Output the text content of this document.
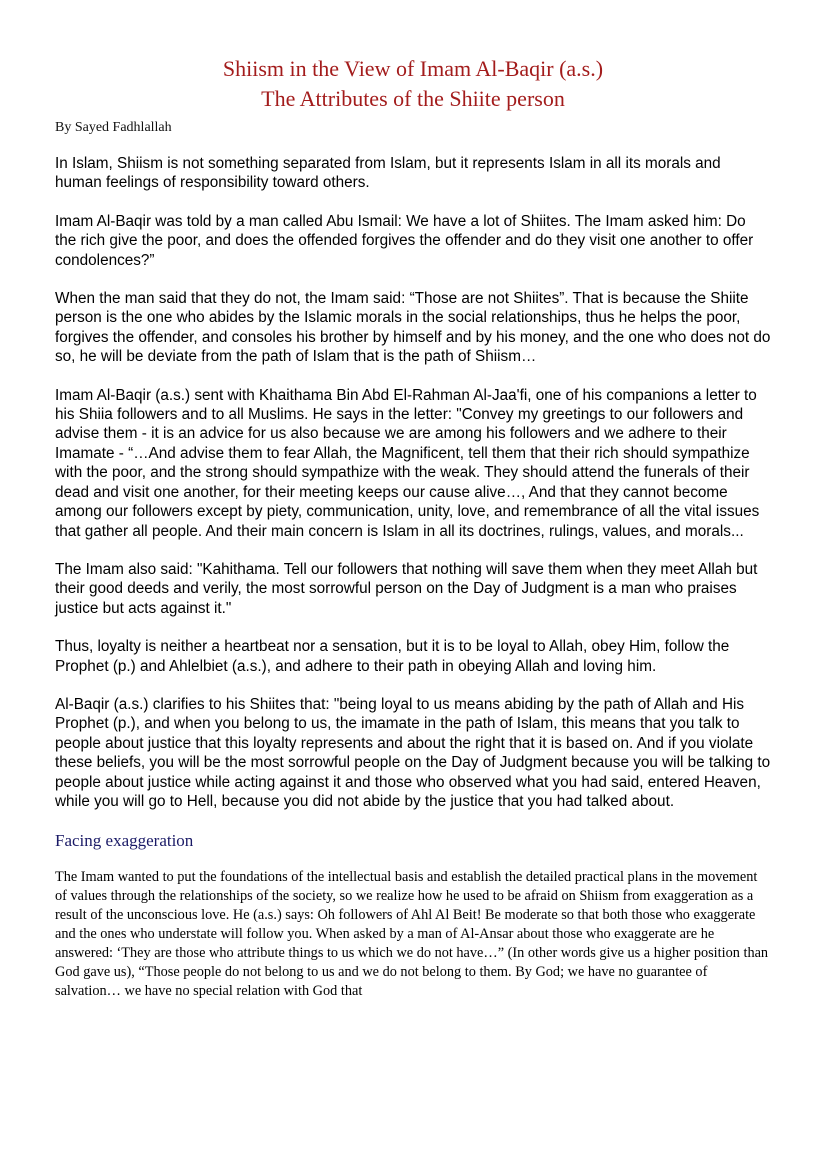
Shiism in the View of Imam Al-Baqir (a.s.)
The Attributes of the Shiite person
By Sayed Fadhlallah

In Islam, Shiism is not something separated from Islam, but it represents Islam in all its morals and human feelings of responsibility toward others.

Imam Al-Baqir was told by a man called Abu Ismail: We have a lot of Shiites. The Imam asked him: Do the rich give the poor, and does the offended forgives the offender and do they visit one another to offer condolences?”

When the man said that they do not, the Imam said: “Those are not Shiites”. That is because the Shiite person is the one who abides by the Islamic morals in the social relationships, thus he helps the poor, forgives the offender, and consoles his brother by himself and by his money, and the one who does not do so, he will be deviate from the path of Islam that is the path of Shiism…

Imam Al-Baqir (a.s.) sent with Khaithama Bin Abd El-Rahman Al-Jaa'fi, one of his companions a letter to his Shiia followers and to all Muslims. He says in the letter: "Convey my greetings to our followers and advise them - it is an advice for us also because we are among his followers and we adhere to their Imamate - “…And advise them to fear Allah, the Magnificent, tell them that their rich should sympathize with the poor, and the strong should sympathize with the weak. They should attend the funerals of their dead and visit one another, for their meeting keeps our cause alive…, And that they cannot become among our followers except by piety, communication, unity, love, and remembrance of all the vital issues that gather all people. And their main concern is Islam in all its doctrines, rulings, values, and morals...

The Imam also said: "Kahithama. Tell our followers that nothing will save them when they meet Allah but their good deeds and verily, the most sorrowful person on the Day of Judgment is a man who praises justice but acts against it."

Thus, loyalty is neither a heartbeat nor a sensation, but it is to be loyal to Allah, obey Him, follow the Prophet (p.) and Ahlelbiet (a.s.), and adhere to their path in obeying Allah and loving him.

Al-Baqir (a.s.) clarifies to his Shiites that: "being loyal to us means abiding by the path of Allah and His Prophet (p.), and when you belong to us, the imamate in the path of Islam, this means that you talk to people about justice that this loyalty represents and about the right that it is based on. And if you violate these beliefs, you will be the most sorrowful people on the Day of Judgment because you will be talking to people about justice while acting against it and those who observed what you had said, entered Heaven, while you will go to Hell, because you did not abide by the justice that you had talked about.

Facing exaggeration

The Imam wanted to put the foundations of the intellectual basis and establish the detailed practical plans in the movement of values through the relationships of the society, so we realize how he used to be afraid on Shiism from exaggeration as a result of the unconscious love. He (a.s.) says: Oh followers of Ahl Al Beit! Be moderate so that both those who exaggerate and the ones who understate will follow you. When asked by a man of Al-Ansar about those who exaggerate are he answered: ‘They are those who attribute things to us which we do not have…” (In other words give us a higher position than God gave us), “Those people do not belong to us and we do not belong to them. By God; we have no guarantee of salvation… we have no special relation with God that
